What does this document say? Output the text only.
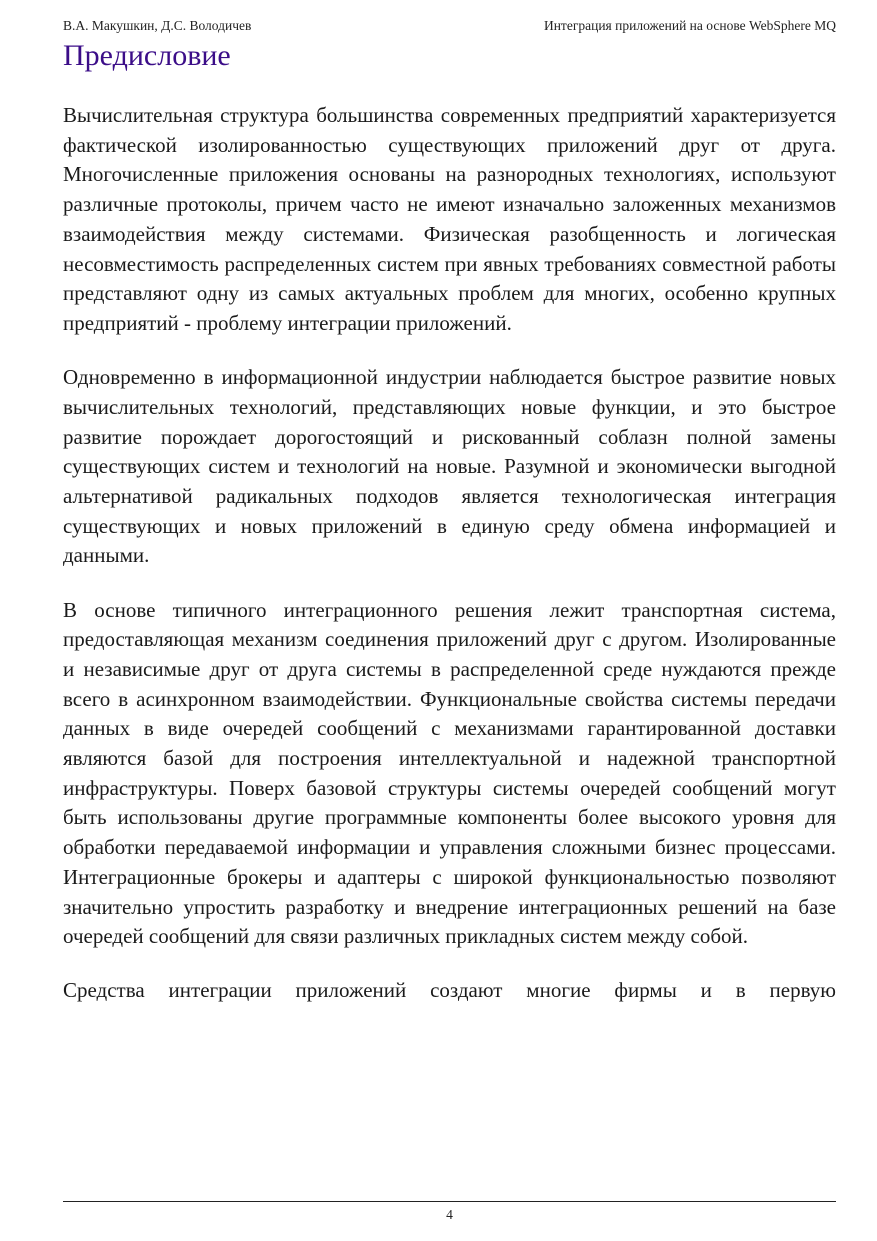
В.А. Макушкин, Д.С. Володичев	Интеграция приложений на основе WebSphere MQ
Предисловие

Вычислительная структура большинства современных предприятий характеризуется фактической изолированностью существующих приложений друг от друга. Многочисленные приложения основаны на разнородных технологиях, используют различные протоколы, причем часто не имеют изначально заложенных механизмов взаимодействия между системами. Физическая разобщенность и логическая несовместимость распределенных систем при явных требованиях совместной работы представляют одну из самых актуальных проблем для многих, особенно крупных предприятий - проблему интеграции приложений.

Одновременно в информационной индустрии наблюдается быстрое развитие новых вычислительных технологий, представляющих новые функции, и это быстрое развитие порождает дорогостоящий и рискованный соблазн полной замены существующих систем и технологий на новые. Разумной и экономически выгодной альтернативой радикальных подходов является технологическая интеграция существующих и новых приложений в единую среду обмена информацией и данными.

В основе типичного интеграционного решения лежит транспортная система, предоставляющая механизм соединения приложений друг с другом. Изолированные и независимые друг от друга системы в распределенной среде нуждаются прежде всего в асинхронном взаимодействии. Функциональные свойства системы передачи данных в виде очередей сообщений с механизмами гарантированной доставки являются базой для построения интеллектуальной и надежной транспортной инфраструктуры. Поверх базовой структуры системы очередей сообщений могут быть использованы другие программные компоненты более высокого уровня для обработки передаваемой информации и управления сложными бизнес процессами. Интеграционные брокеры и адаптеры с широкой функциональностью позволяют значительно упростить разработку и внедрение интеграционных решений на базе очередей сообщений для связи различных прикладных систем между собой.

Средства интеграции приложений создают многие фирмы и в первую

4
